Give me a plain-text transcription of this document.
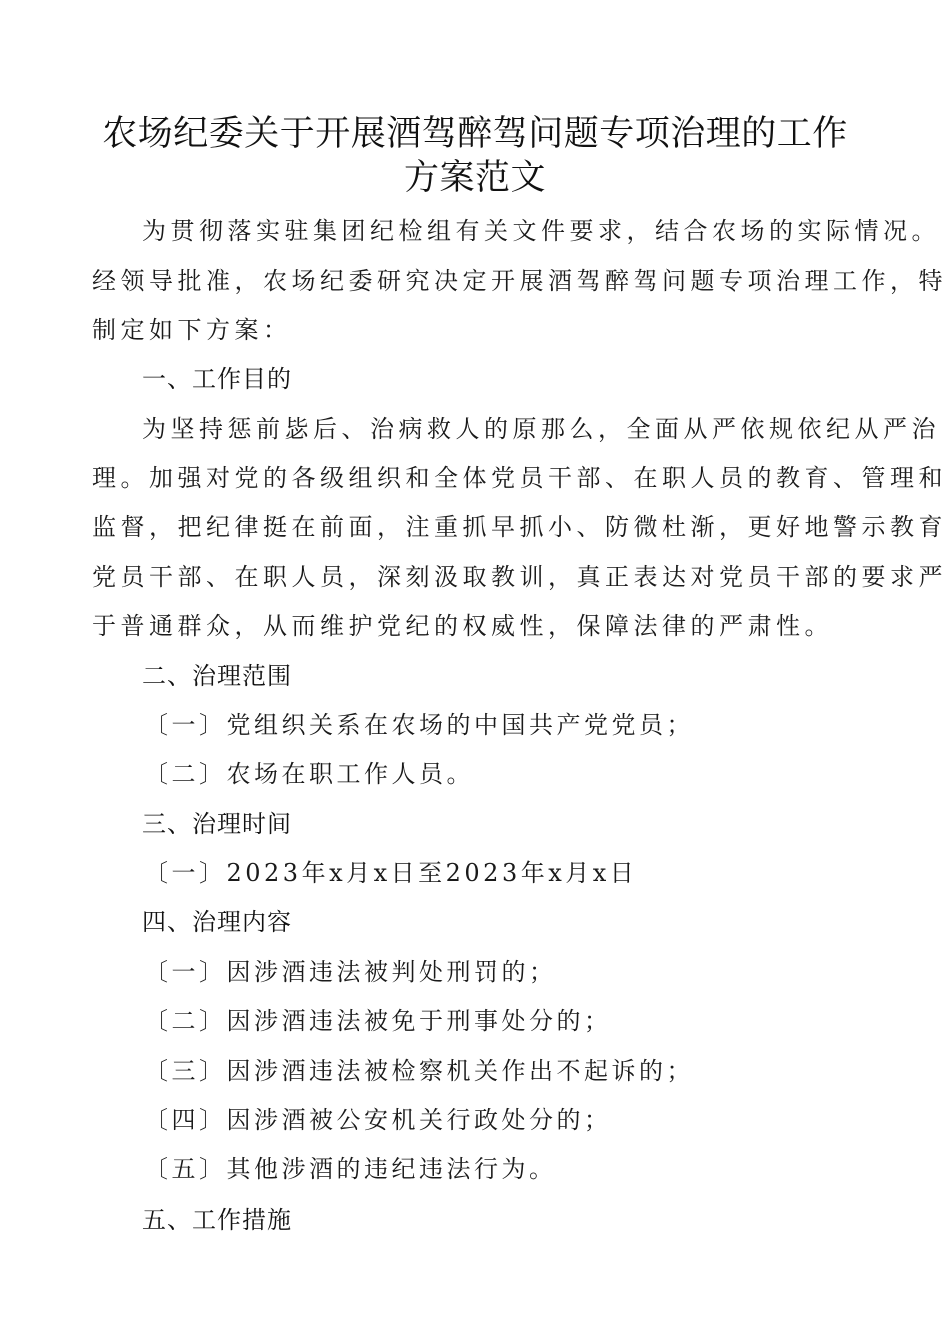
农场纪委关于开展酒驾醉驾问题专项治理的工作
方案范文
为贯彻落实驻集团纪检组有关文件要求，结合农场的实际情况。
经领导批准，农场纪委研究决定开展酒驾醉驾问题专项治理工作，特
制定如下方案：
一、工作目的
为坚持惩前毖后、治病救人的原那么，全面从严依规依纪从严治
理。加强对党的各级组织和全体党员干部、在职人员的教育、管理和
监督，把纪律挺在前面，注重抓早抓小、防微杜渐，更好地警示教育
党员干部、在职人员，深刻汲取教训，真正表达对党员干部的要求严
于普通群众，从而维护党纪的权威性，保障法律的严肃性。
二、治理范围
〔一〕党组织关系在农场的中国共产党党员；
〔二〕农场在职工作人员。
三、治理时间
〔一〕2023年x月x日至2023年x月x日
四、治理内容
〔一〕因涉酒违法被判处刑罚的；
〔二〕因涉酒违法被免于刑事处分的；
〔三〕因涉酒违法被检察机关作出不起诉的；
〔四〕因涉酒被公安机关行政处分的；
〔五〕其他涉酒的违纪违法行为。
五、工作措施
